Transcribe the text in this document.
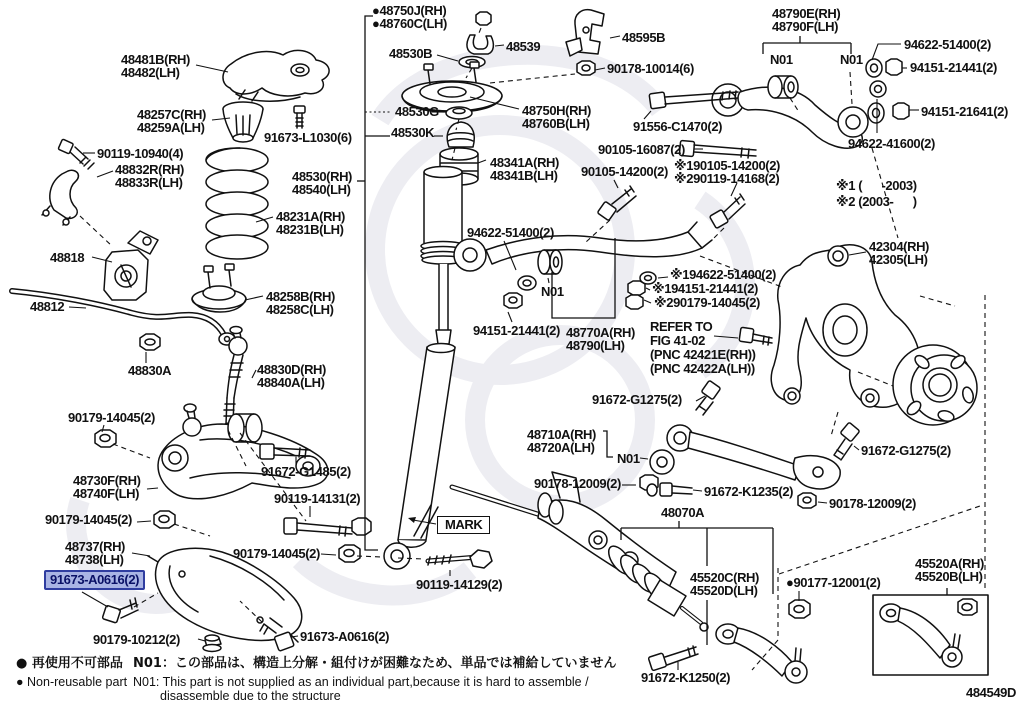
48481B(RH)
48482(LH)
48257C(RH)
48259A(LH)
91673-L1030(6)
90119-10940(4)
48832R(RH)
48833R(LH)
48818
48812
48830A
48530(RH)
48540(LH)
48231A(RH)
48231B(LH)
48258B(RH)
48258C(LH)
48830D(RH)
48840A(LH)
●48750J(RH)
●48760C(LH)
48530B	48539
48595B
90178-10014(6)
48530G	48750H(RH)
48760B(LH)
48530K
48341A(RH)
48341B(LH)
91556-C1470(2)
90105-16087(2)
90105-14200(2) ※190105-14200(2)
※290119-14168(2)
48790E(RH)
48790F(LH)
94622-51400(2)
94151-21441(2)
N01	N01
94151-21641(2)
94622-41600(2)
※1 (      -2003)
※2 (2003-      )
42304(RH)
42305(LH)
94622-51400(2)
N01
94151-21441(2) 48770A(RH)
48790(LH)
※194622-51400(2)
※194151-21441(2)
※290179-14045(2)
REFER TO
FIG 41-02
(PNC 42421E(RH))
(PNC 42422A(LH))
91672-G1275(2)
48710A(RH)
48720A(LH)
N01
90178-12009(2)
91672-G1275(2)
91672-K1235(2)
90178-12009(2)
48070A
90179-14045(2)
48730F(RH)
48740F(LH)
90179-14045(2)
48737(RH)
48738(LH)
91673-A0616(2)
90179-10212(2)	91673-A0616(2)
91672-G1485(2)
90119-14131(2)
90179-14045(2)
90119-14129(2)
MARK
45520C(RH)
45520D(LH)
●90177-12001(2)
45520A(RH)
45520B(LH)
91672-K1250(2)
484549D
● 再使用不可部品
● Non-reusable part
N01：この部品は、構造上分解・組付けが困難なため、単品では補給していません
N01: This part is not supplied as an individual part,because it is hard to assemble /
disassemble due to the structure
